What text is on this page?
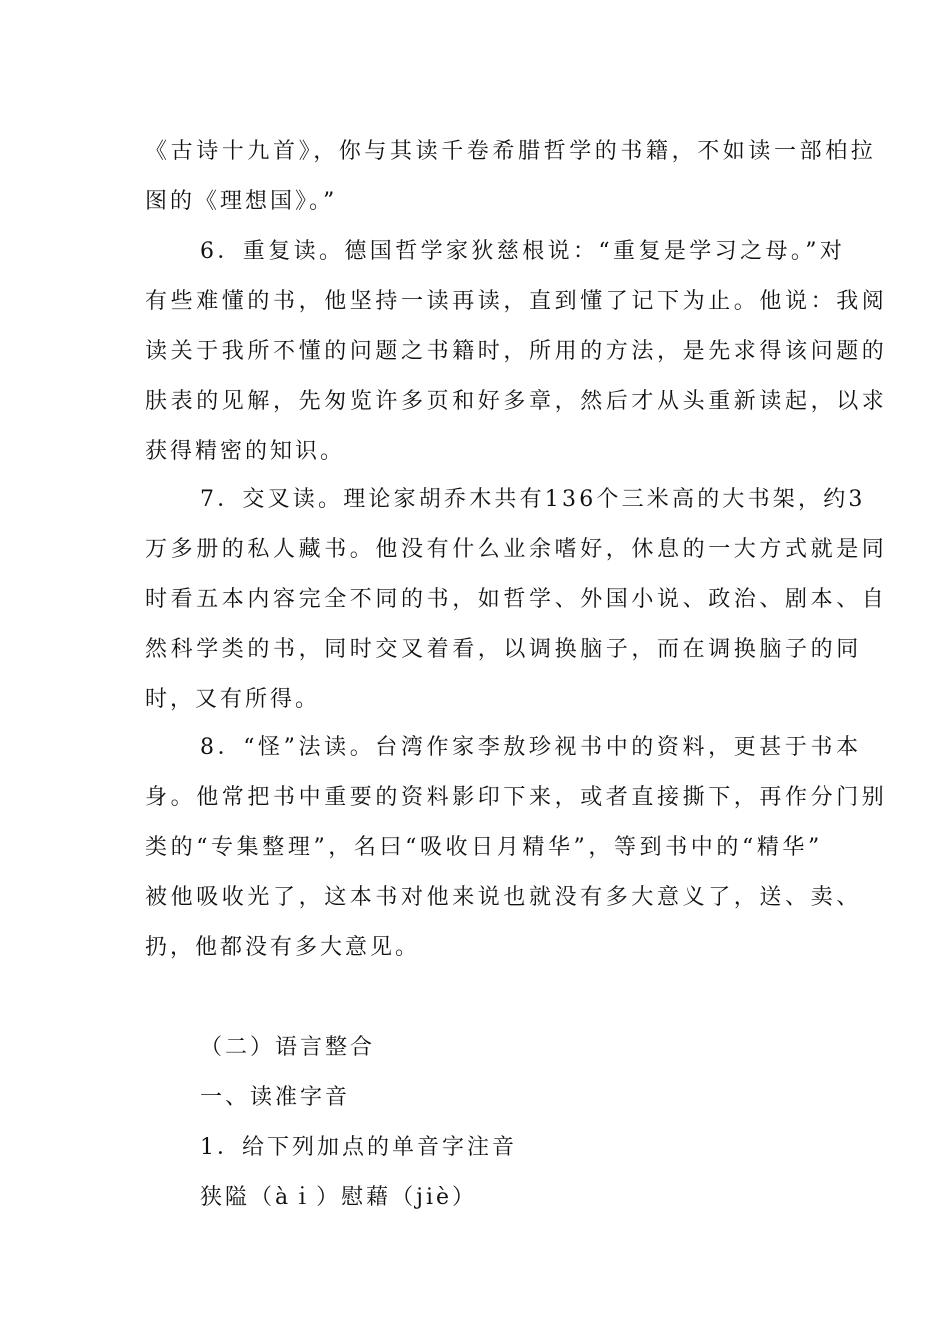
《古诗十九首》，你与其读千卷希腊哲学的书籍，不如读一部柏拉
图的《理想国》。”
6．重复读。德国哲学家狄慈根说：“重复是学习之母。”对
有些难懂的书，他坚持一读再读，直到懂了记下为止。他说：我阅
读关于我所不懂的问题之书籍时，所用的方法，是先求得该问题的
肤表的见解，先匆览许多页和好多章，然后才从头重新读起，以求
获得精密的知识。
7．交叉读。理论家胡乔木共有136个三米高的大书架，约3
万多册的私人藏书。他没有什么业余嗜好，休息的一大方式就是同
时看五本内容完全不同的书，如哲学、外国小说、政治、剧本、自
然科学类的书，同时交叉着看，以调换脑子，而在调换脑子的同
时，又有所得。
8．“怪”法读。台湾作家李敖珍视书中的资料，更甚于书本
身。他常把书中重要的资料影印下来，或者直接撕下，再作分门别
类的“专集整理”，名曰“吸收日月精华”，等到书中的“精华”
被他吸收光了，这本书对他来说也就没有多大意义了，送、卖、
扔，他都没有多大意见。
（二）语言整合
一、读准字音
1．给下列加点的单音字注音
狭隘（àｉ）慰藉（jiè）
